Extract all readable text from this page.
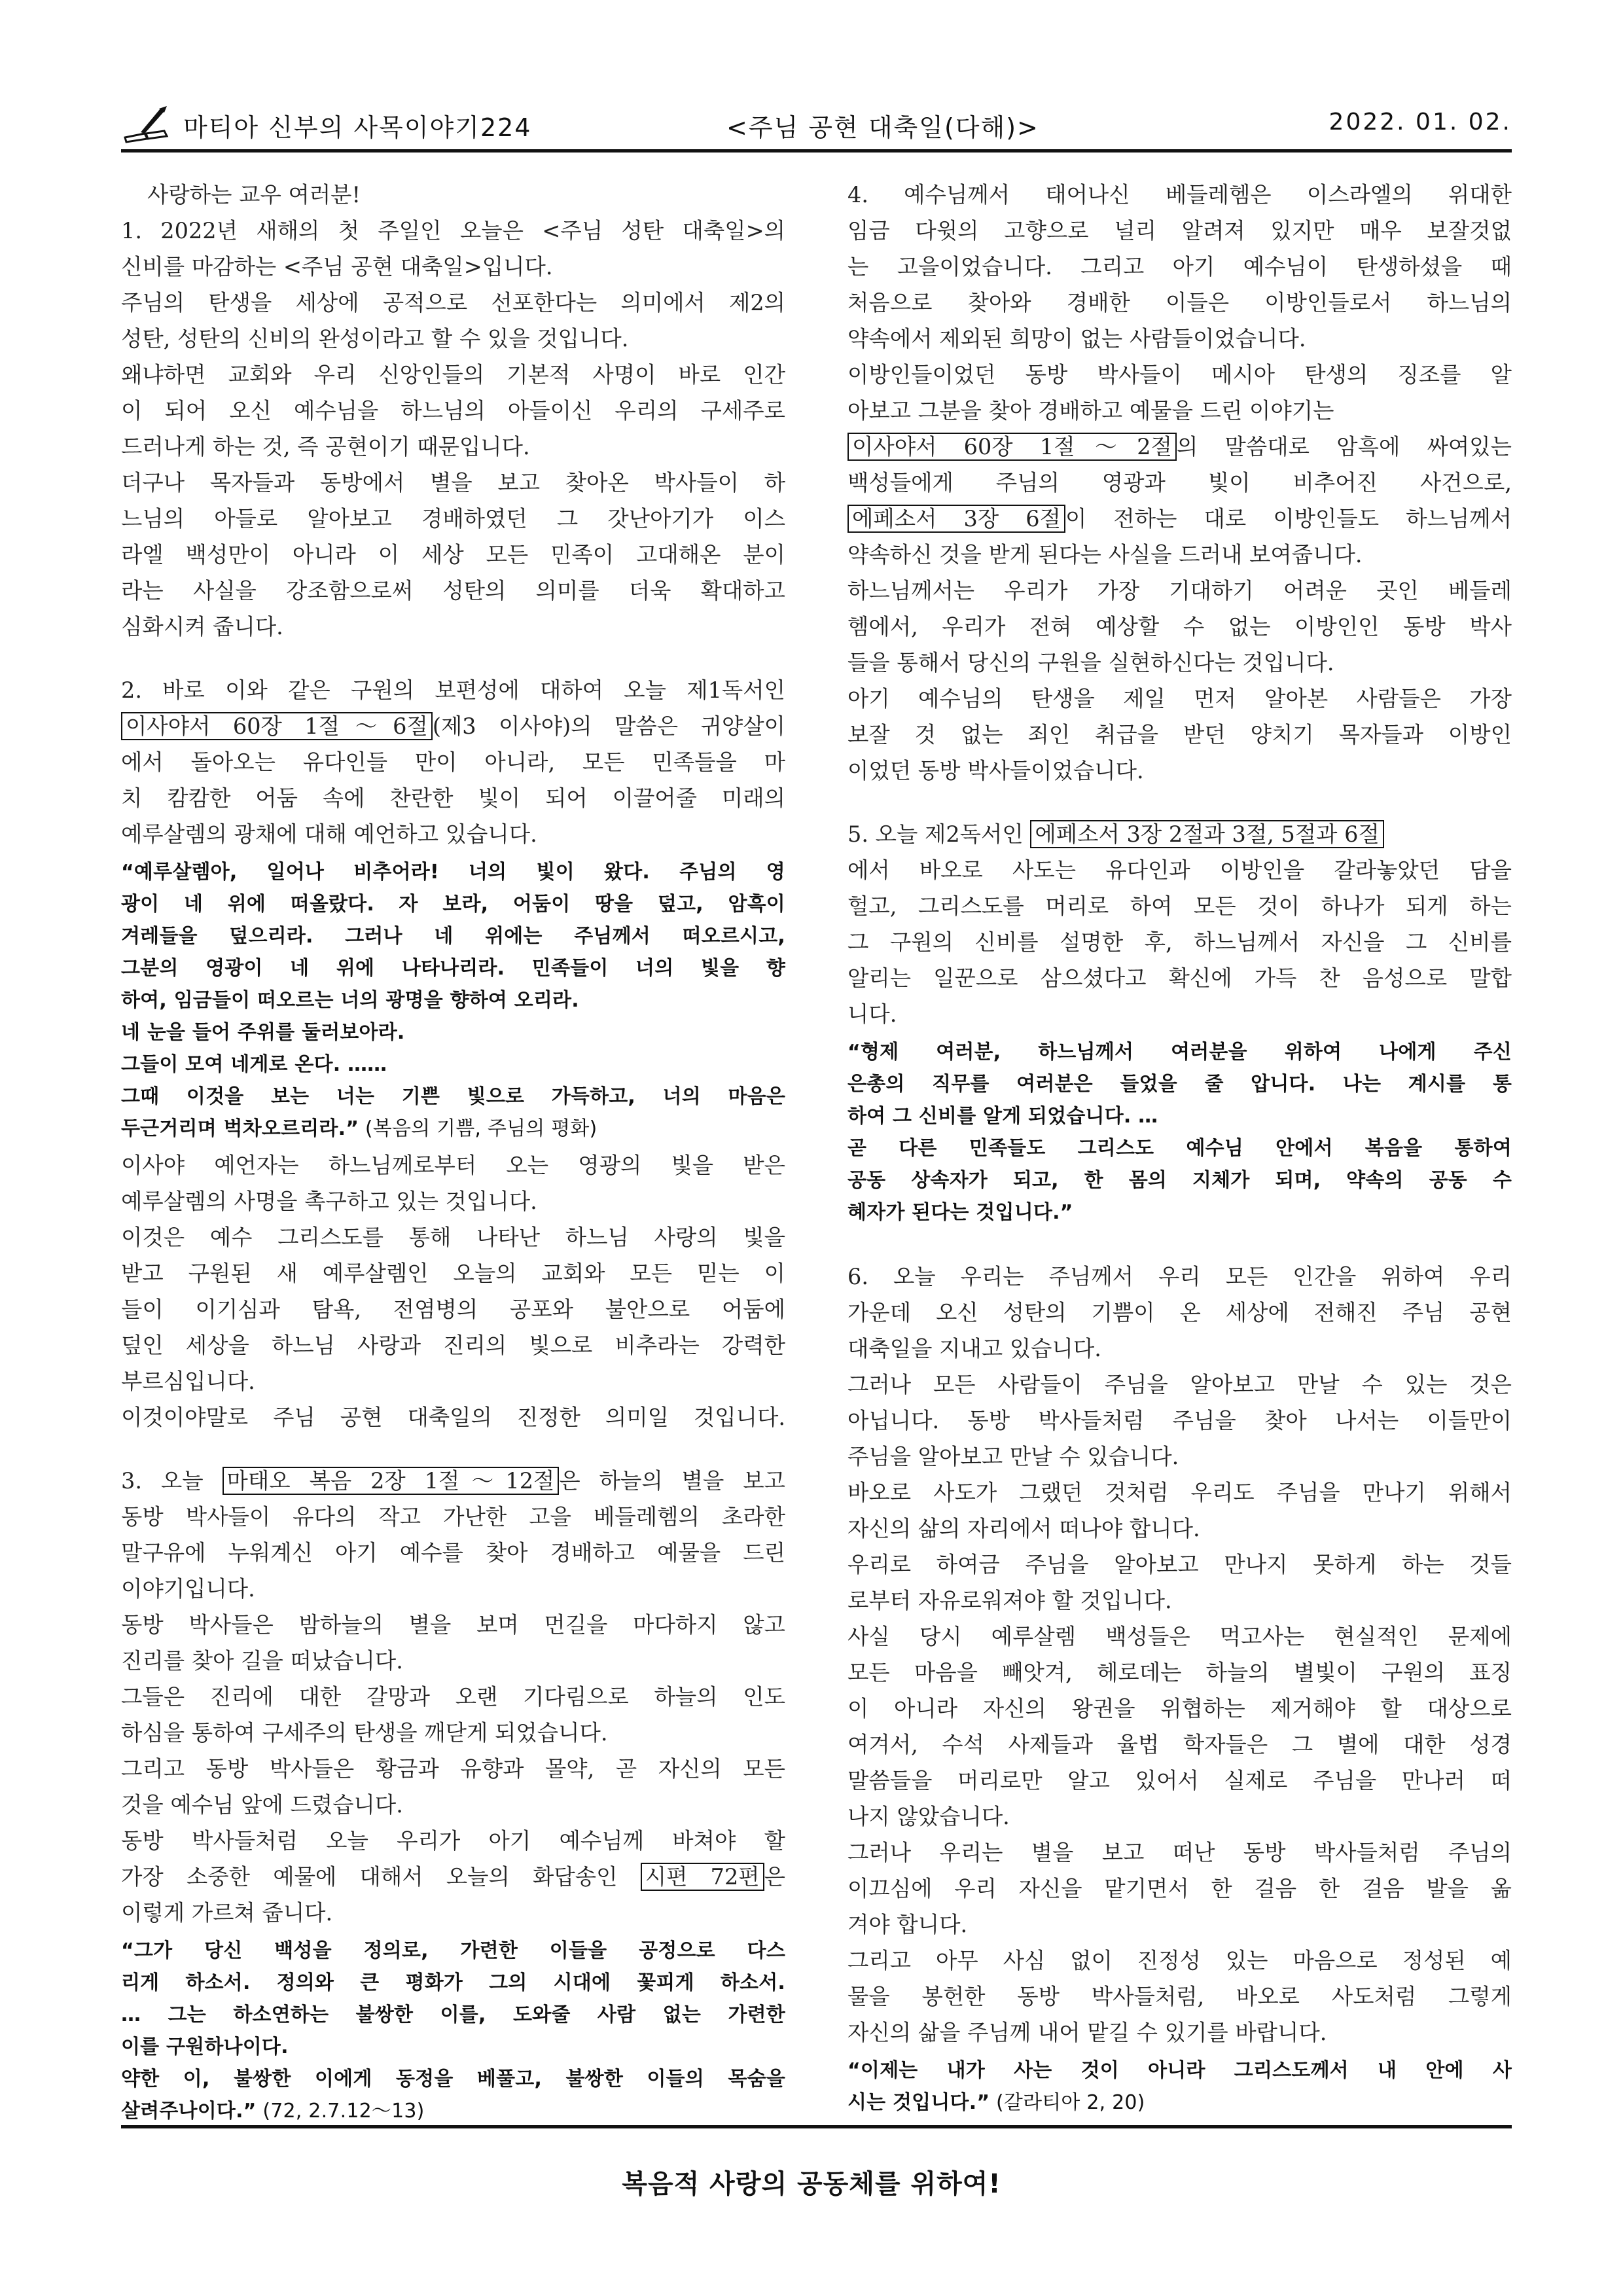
마티아 신부의 사목이야기224	<주님 공현 대축일(다해)>	2022. 01. 02.

사랑하는 교우 여러분!

1. 2022년 새해의 첫 주일인 오늘은 <주님 성탄 대축일>의

신비를 마감하는 <주님 공현 대축일>입니다.

주님의 탄생을 세상에 공적으로 선포한다는 의미에서 제2의

성탄, 성탄의 신비의 완성이라고 할 수 있을 것입니다.

왜냐하면 교회와 우리 신앙인들의 기본적 사명이 바로 인간

이 되어 오신 예수님을 하느님의 아들이신 우리의 구세주로

드러나게 하는 것, 즉 공현이기 때문입니다.

더구나 목자들과 동방에서 별을 보고 찾아온 박사들이 하

느님의 아들로 알아보고 경배하였던 그 갓난아기가 이스

라엘 백성만이 아니라 이 세상 모든 민족이 고대해온 분이

라는 사실을 강조함으로써 성탄의 의미를 더욱 확대하고

심화시켜 줍니다.

2. 바로 이와 같은 구원의 보편성에 대하여 오늘 제1독서인

이사야서 60장 1절～6절 (제3 이사야)의 말씀은 귀양살이

에서 돌아오는 유다인들 만이 아니라, 모든 민족들을 마

치 캄캄한 어둠 속에 찬란한 빛이 되어 이끌어줄 미래의

예루살렘의 광채에 대해 예언하고 있습니다.

“예루살렘아, 일어나 비추어라! 너의 빛이 왔다. 주님의 영

광이 네 위에 떠올랐다. 자 보라, 어둠이 땅을 덮고, 암흑이

겨레들을 덮으리라. 그러나 네 위에는 주님께서 떠오르시고,

그분의 영광이 네 위에 나타나리라. 민족들이 너의 빛을 향

하여, 임금들이 떠오르는 너의 광명을 향하여 오리라.

네 눈을 들어 주위를 둘러보아라.

그들이 모여 네게로 온다. ……

그때 이것을 보는 너는 기쁜 빛으로 가득하고, 너의 마음은

두근거리며 벅차오르리라.” (복음의 기쁨, 주님의 평화)

이사야 예언자는 하느님께로부터 오는 영광의 빛을 받은

예루살렘의 사명을 촉구하고 있는 것입니다.

이것은 예수 그리스도를 통해 나타난 하느님 사랑의 빛을

받고 구원된 새 예루살렘인 오늘의 교회와 모든 믿는 이

들이 이기심과 탐욕, 전염병의 공포와 불안으로 어둠에

덮인 세상을 하느님 사랑과 진리의 빛으로 비추라는 강력한

부르심입니다.

이것이야말로 주님 공현 대축일의 진정한 의미일 것입니다.

3. 오늘 마태오 복음 2장 1절～12절 은 하늘의 별을 보고

동방 박사들이 유다의 작고 가난한 고을 베들레헴의 초라한

말구유에 누워계신 아기 예수를 찾아 경배하고 예물을 드린

이야기입니다.

동방 박사들은 밤하늘의 별을 보며 먼길을 마다하지 않고

진리를 찾아 길을 떠났습니다.

그들은 진리에 대한 갈망과 오랜 기다림으로 하늘의 인도

하심을 통하여 구세주의 탄생을 깨닫게 되었습니다.

그리고 동방 박사들은 황금과 유향과 몰약, 곧 자신의 모든

것을 예수님 앞에 드렸습니다.

동방 박사들처럼 오늘 우리가 아기 예수님께 바쳐야 할

가장 소중한 예물에 대해서 오늘의 화답송인 시편 72편 은

이렇게 가르쳐 줍니다.

“그가 당신 백성을 정의로, 가련한 이들을 공정으로 다스

리게 하소서. 정의와 큰 평화가 그의 시대에 꽃피게 하소서.

… 그는 하소연하는 불쌍한 이를, 도와줄 사람 없는 가련한

이를 구원하나이다.

약한 이, 불쌍한 이에게 동정을 베풀고, 불쌍한 이들의 목숨을

살려주나이다.” (72, 2.7.12～13)

4. 예수님께서 태어나신 베들레헴은 이스라엘의 위대한

임금 다윗의 고향으로 널리 알려져 있지만 매우 보잘것없

는 고을이었습니다. 그리고 아기 예수님이 탄생하셨을 때

처음으로 찾아와 경배한 이들은 이방인들로서 하느님의

약속에서 제외된 희망이 없는 사람들이었습니다.

이방인들이었던 동방 박사들이 메시아 탄생의 징조를 알

아보고 그분을 찾아 경배하고 예물을 드린 이야기는

이사야서 60장 1절～2절 의 말씀대로 암흑에 싸여있는

백성들에게 주님의 영광과 빛이 비추어진 사건으로,

에페소서 3장 6절 이 전하는 대로 이방인들도 하느님께서

약속하신 것을 받게 된다는 사실을 드러내 보여줍니다.

하느님께서는 우리가 가장 기대하기 어려운 곳인 베들레

헴에서, 우리가 전혀 예상할 수 없는 이방인인 동방 박사

들을 통해서 당신의 구원을 실현하신다는 것입니다.

아기 예수님의 탄생을 제일 먼저 알아본 사람들은 가장

보잘 것 없는 죄인 취급을 받던 양치기 목자들과 이방인

이었던 동방 박사들이었습니다.

5. 오늘 제2독서인 에페소서 3장 2절과 3절, 5절과 6절

에서 바오로 사도는 유다인과 이방인을 갈라놓았던 담을

헐고, 그리스도를 머리로 하여 모든 것이 하나가 되게 하는

그 구원의 신비를 설명한 후, 하느님께서 자신을 그 신비를

알리는 일꾼으로 삼으셨다고 확신에 가득 찬 음성으로 말합

니다.

“형제 여러분, 하느님께서 여러분을 위하여 나에게 주신

은총의 직무를 여러분은 들었을 줄 압니다. 나는 계시를 통

하여 그 신비를 알게 되었습니다. …

곧 다른 민족들도 그리스도 예수님 안에서 복음을 통하여

공동 상속자가 되고, 한 몸의 지체가 되며, 약속의 공동 수

혜자가 된다는 것입니다.”

6. 오늘 우리는 주님께서 우리 모든 인간을 위하여 우리

가운데 오신 성탄의 기쁨이 온 세상에 전해진 주님 공현

대축일을 지내고 있습니다.

그러나 모든 사람들이 주님을 알아보고 만날 수 있는 것은

아닙니다. 동방 박사들처럼 주님을 찾아 나서는 이들만이

주님을 알아보고 만날 수 있습니다.

바오로 사도가 그랬던 것처럼 우리도 주님을 만나기 위해서

자신의 삶의 자리에서 떠나야 합니다.

우리로 하여금 주님을 알아보고 만나지 못하게 하는 것들

로부터 자유로워져야 할 것입니다.

사실 당시 예루살렘 백성들은 먹고사는 현실적인 문제에

모든 마음을 빼앗겨, 헤로데는 하늘의 별빛이 구원의 표징

이 아니라 자신의 왕권을 위협하는 제거해야 할 대상으로

여겨서, 수석 사제들과 율법 학자들은 그 별에 대한 성경

말씀들을 머리로만 알고 있어서 실제로 주님을 만나러 떠

나지 않았습니다.

그러나 우리는 별을 보고 떠난 동방 박사들처럼 주님의

이끄심에 우리 자신을 맡기면서 한 걸음 한 걸음 발을 옮

겨야 합니다.

그리고 아무 사심 없이 진정성 있는 마음으로 정성된 예

물을 봉헌한 동방 박사들처럼, 바오로 사도처럼 그렇게

자신의 삶을 주님께 내어 맡길 수 있기를 바랍니다.

“이제는 내가 사는 것이 아니라 그리스도께서 내 안에 사

시는 것입니다.” (갈라티아 2, 20)

복음적 사랑의 공동체를 위하여!
